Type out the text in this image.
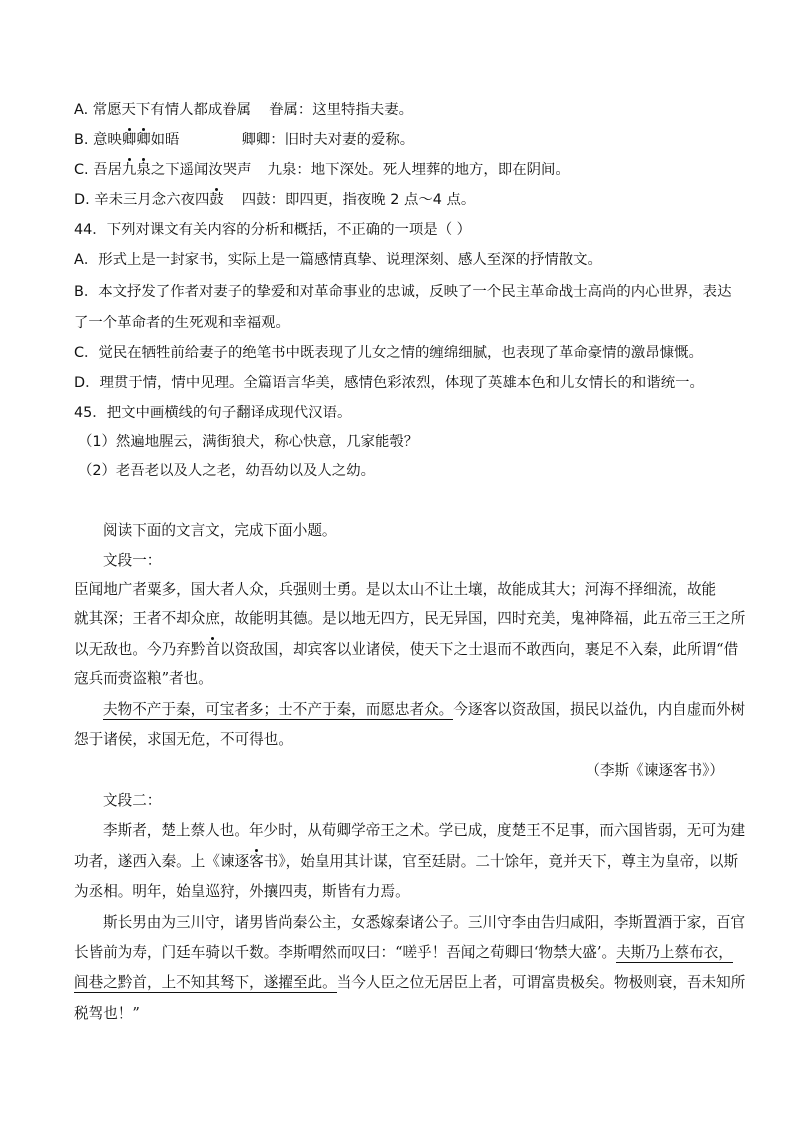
A. 常愿天下有情人都成眷属 眷属：这里特指夫妻。
B. 意映卿卿如晤	卿卿：旧时夫对妻的爱称。
C. 吾居九泉之下遥闻汝哭声 九泉：地下深处。死人埋葬的地方，即在阴间。
D. 辛未三月念六夜四鼓 四鼓：即四更，指夜晚 2 点～4 点。
44．下列对课文有关内容的分析和概括，不正确的一项是（ ）
A．形式上是一封家书，实际上是一篇感情真挚、说理深刻、感人至深的抒情散文。
B．本文抒发了作者对妻子的挚爱和对革命事业的忠诚，反映了一个民主革命战士高尚的内心世界，表达
了一个革命者的生死观和幸福观。
C．觉民在牺牲前给妻子的绝笔书中既表现了儿女之情的缠绵细腻，也表现了革命豪情的激昂慷慨。
D．理贯于情，情中见理。全篇语言华美，感情色彩浓烈，体现了英雄本色和儿女情长的和谐统一。
45．把文中画横线的句子翻译成现代汉语。
（1）然遍地腥云，满街狼犬，称心快意，几家能彀？
（2）老吾老以及人之老，幼吾幼以及人之幼。
阅读下面的文言文，完成下面小题。
文段一：
臣闻地广者粟多，国大者人众，兵强则士勇。是以太山不让土壤，故能成其大；河海不择细流，故能
就其深；王者不却众庶，故能明其德。是以地无四方，民无异国，四时充美，鬼神降福，此五帝三王之所
以无敌也。今乃弃黔首以资敌国，却宾客以业诸侯，使天下之士退而不敢西向，裹足不入秦，此所谓“借
寇兵而赍盗粮”者也。
夫物不产于秦，可宝者多；士不产于秦，而愿忠者众。今逐客以资敌国，损民以益仇，内自虚而外树
怨于诸侯，求国无危，不可得也。
（李斯《谏逐客书》）
文段二：
李斯者，楚上蔡人也。年少时，从荀卿学帝王之术。学已成，度楚王不足事，而六国皆弱，无可为建
功者，遂西入秦。上《谏逐客书》，始皇用其计谋，官至廷尉。二十馀年，竟并天下，尊主为皇帝，以斯
为丞相。明年，始皇巡狩，外攘四夷，斯皆有力焉。
斯长男由为三川守，诸男皆尚秦公主，女悉嫁秦诸公子。三川守李由告归咸阳，李斯置酒于家，百官
长皆前为寿，门廷车骑以千数。李斯喟然而叹曰：“嗟乎！吾闻之荀卿曰‘物禁大盛’。夫斯乃上蔡布衣，
闾巷之黔首，上不知其驽下，遂擢至此。当今人臣之位无居臣上者，可谓富贵极矣。物极则衰，吾未知所
税驾也！”
